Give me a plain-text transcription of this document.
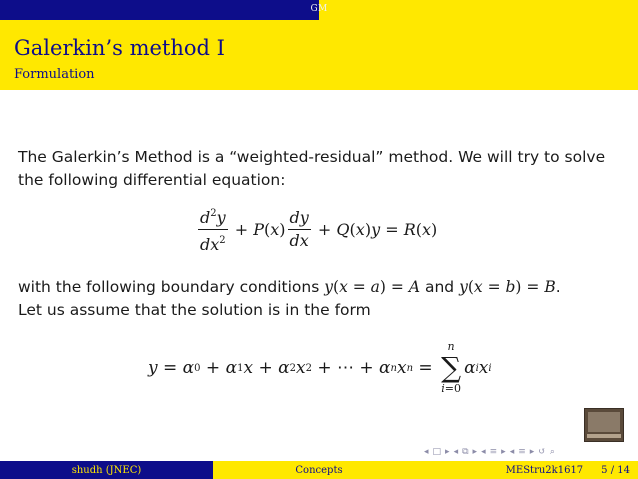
GM
Galerkin’s method I
Formulation
The Galerkin’s Method is a “weighted-residual” method. We will try to solve the following differential equation:
$\frac{d^2y}{dx^2} + P$ ( x ) $\frac{dy}{dx} + Q$ ( x ) y = R ( x )
with the following boundary conditions y(x = a) = A and y(x = b) = B.
Let us assume that the solution is in the form
y = α 0 + α 1 x + α 2 x 2 + ⋯ + α n x n =
n
∑
i=0
α i x i
◂ □ ▸ ◂ ⧉ ▸ ◂ ≡ ▸ ◂ ≡ ▸ ↺ ⌕
shudh (JNEC)	Concepts	MEStru2k1617 5 / 14
